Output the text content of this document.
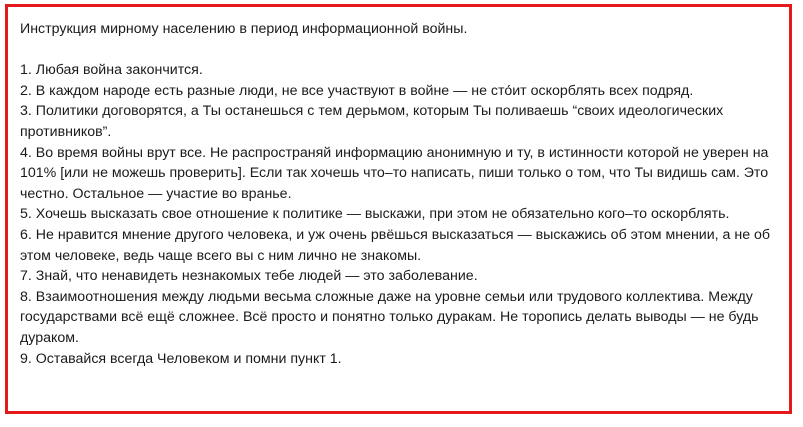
Инструкция мирному населению в период информационной войны.

1. Любая война закончится.

2. В каждом народе есть разные люди, не все участвуют в войне — не сто́ит оскорблять всех подряд.

3. Политики договорятся, а Ты останешься с тем дерьмом, которым Ты поливаешь “своих идеологических противников”.

4. Во время войны врут все. Не распространяй информацию анонимную и ту, в истинности которой не уверен на 101% [или не можешь проверить]. Если так хочешь что–то написать, пиши только о том, что Ты видишь сам. Это честно. Остальное — участие во вранье.

5. Хочешь высказать свое отношение к политике — выскажи, при этом не обязательно кого–то оскорблять.

6. Не нравится мнение другого человека, и уж очень рвёшься высказаться — выскажись об этом мнении, а не об этом человеке, ведь чаще всего вы с ним лично не знакомы.

7. Знай, что ненавидеть незнакомых тебе людей — это заболевание.

8. Взаимоотношения между людьми весьма сложные даже на уровне семьи или трудового коллектива. Между государствами всё ещё сложнее. Всё просто и понятно только дуракам. Не торопись делать выводы — не будь дураком.

9. Оставайся всегда Человеком и помни пункт 1.
